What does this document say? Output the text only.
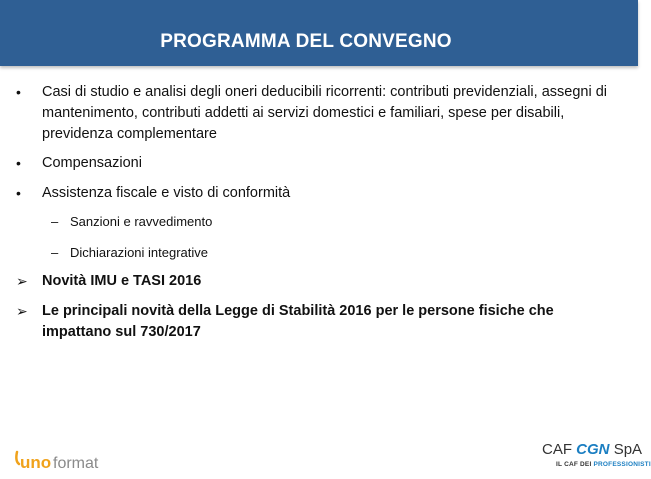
PROGRAMMA DEL CONVEGNO
•	Casi di studio e analisi degli oneri deducibili ricorrenti: contributi previdenziali, assegni di mantenimento, contributi addetti ai servizi domestici e familiari, spese per disabili, previdenza complementare
•	Compensazioni
•	Assistenza fiscale e visto di conformità
– Sanzioni e ravvedimento
– Dichiarazioni integrative
➢ Novità IMU e TASI 2016
➢ Le principali novità della Legge di Stabilità 2016 per le persone fisiche che impattano sul 730/2017
uno format
CAF CGN SpA
IL CAF DEI PROFESSIONISTI
